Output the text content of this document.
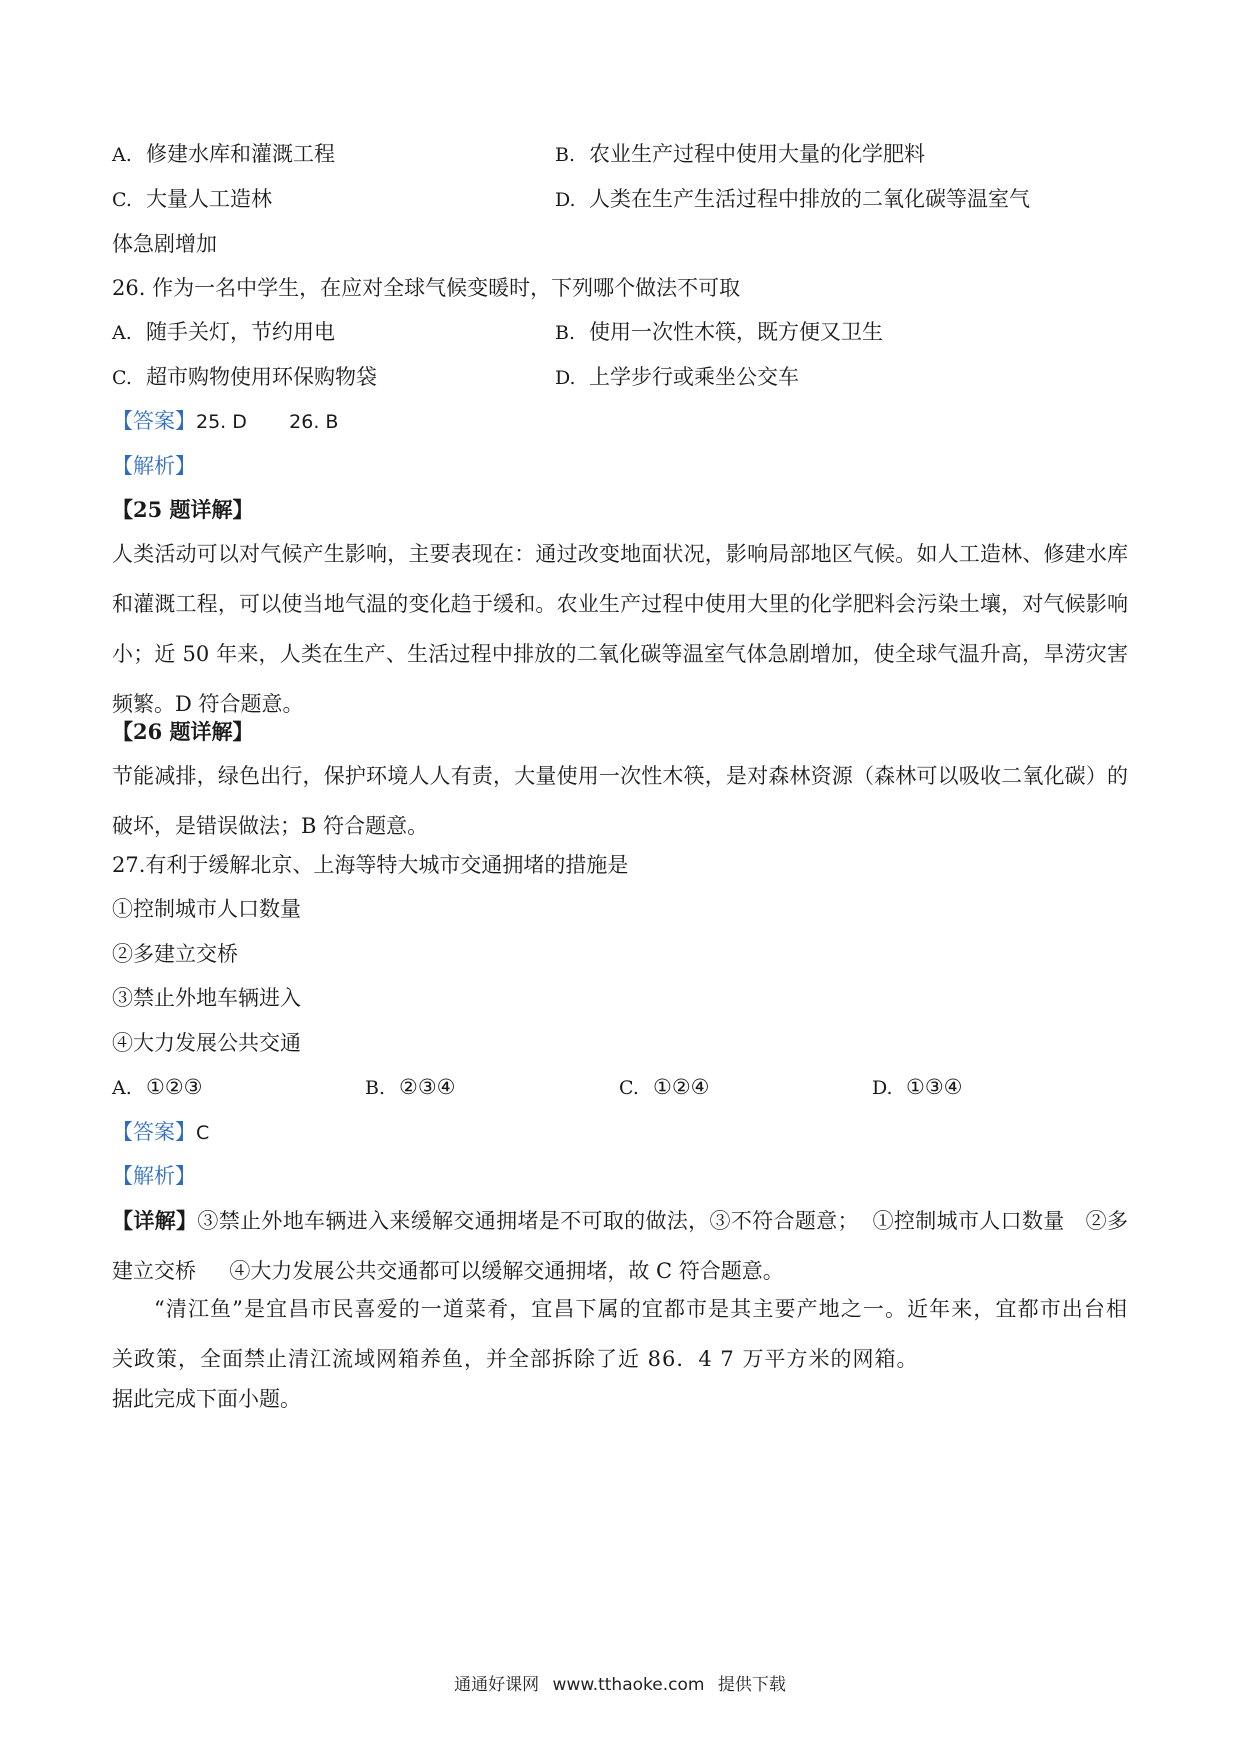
A. 修建水库和灌溉工程	B. 农业生产过程中使用大量的化学肥料
C. 大量人工造林	D. 人类在生产生活过程中排放的二氧化碳等温室气
体急剧增加
26. 作为一名中学生，在应对全球气候变暖时，下列哪个做法不可取
A. 随手关灯，节约用电	B. 使用一次性木筷，既方便又卫生
C. 超市购物使用环保购物袋	D. 上学步行或乘坐公交车
【答案】25. D       26. B
【解析】
【25 题详解】
人类活动可以对气候产生影响，主要表现在：通过改变地面状况，影响局部地区气候。如人工造林、修建水库和灌溉工程，可以使当地气温的变化趋于缓和。农业生产过程中使用大里的化学肥料会污染土壤，对气候影响小；近 50 年来，人类在生产、生活过程中排放的二氧化碳等温室气体急剧增加，使全球气温升高，旱涝灾害频繁。D 符合题意。
【26 题详解】
节能减排，绿色出行，保护环境人人有责，大量使用一次性木筷，是对森林资源（森林可以吸收二氧化碳）的破坏，是错误做法；B 符合题意。
27.有利于缓解北京、上海等特大城市交通拥堵的措施是
①控制城市人口数量
②多建立交桥
③禁止外地车辆进入
④大力发展公共交通
A. ①②③	B. ②③④	C. ①②④	D. ①③④
【答案】C
【解析】
【详解】③禁止外地车辆进入来缓解交通拥堵是不可取的做法，③不符合题意；  ①控制城市人口数量   ②多建立交桥     ④大力发展公共交通都可以缓解交通拥堵，故 C 符合题意。
“清江鱼”是宜昌市民喜爱的一道菜肴，宜昌下属的宜都市是其主要产地之一。近年来，宜都市出台相关政策，全面禁止清江流域网箱养鱼，并全部拆除了近 86．4 7 万平方米的网箱。
据此完成下面小题。
通通好课网 www.tthaoke.com 提供下载
